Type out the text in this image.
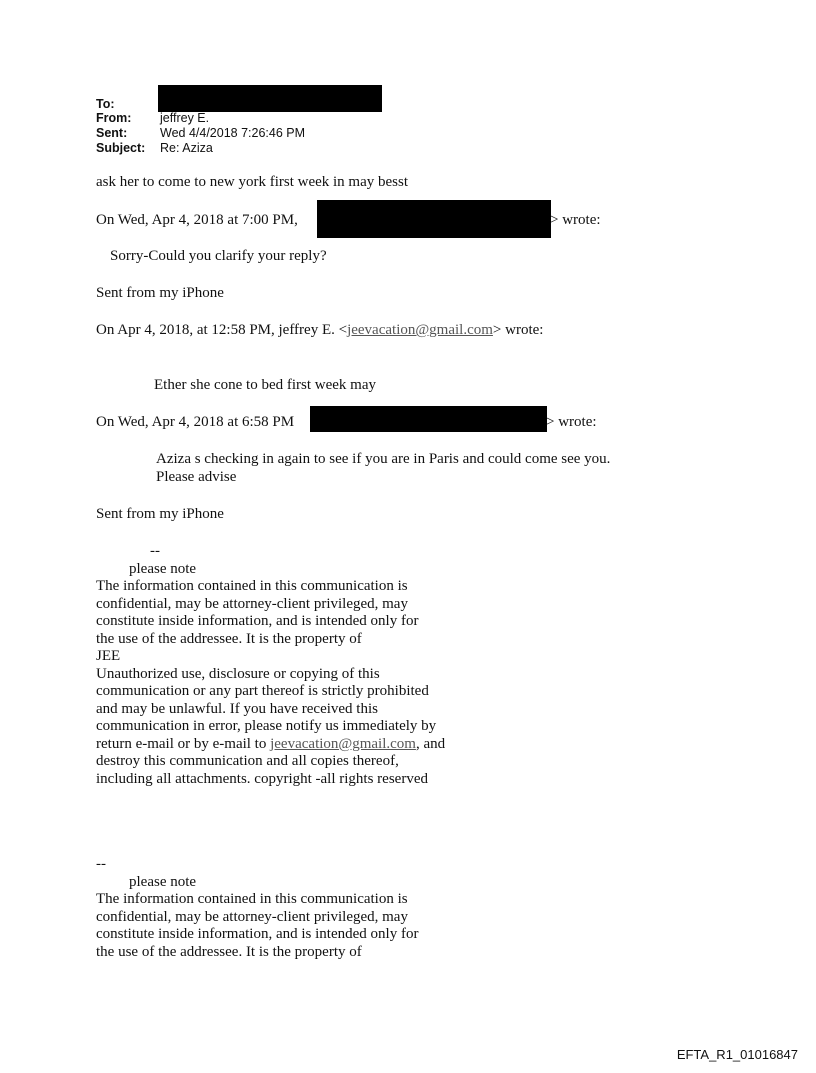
To:
From: jeffrey E.
Sent:	Wed 4/4/2018 7:26:46 PM
Subject: Re: Aziza
ask her to come to new york first week in may besst
On Wed, Apr 4, 2018 at 7:00 PM,	> wrote:
Sorry-Could you clarify your reply?
Sent from my iPhone
On Apr 4, 2018, at 12:58 PM, jeffrey E. <jeevacation@gmail.com> wrote:
Ether she cone to bed first week may
On Wed, Apr 4, 2018 at 6:58 PM	> wrote:
Aziza s checking in again to see if you are in Paris and could come see you.
Please advise
Sent from my iPhone
--
please note
The information contained in this communication is
confidential, may be attorney-client privileged, may
constitute inside information, and is intended only for
the use of the addressee. It is the property of
JEE
Unauthorized use, disclosure or copying of this
communication or any part thereof is strictly prohibited
and may be unlawful. If you have received this
communication in error, please notify us immediately by
return e-mail or by e-mail to jeevacation@gmail.com, and
destroy this communication and all copies thereof,
including all attachments. copyright -all rights reserved
--
please note
The information contained in this communication is
confidential, may be attorney-client privileged, may
constitute inside information, and is intended only for
the use of the addressee. It is the property of
EFTA_R1_01016847
